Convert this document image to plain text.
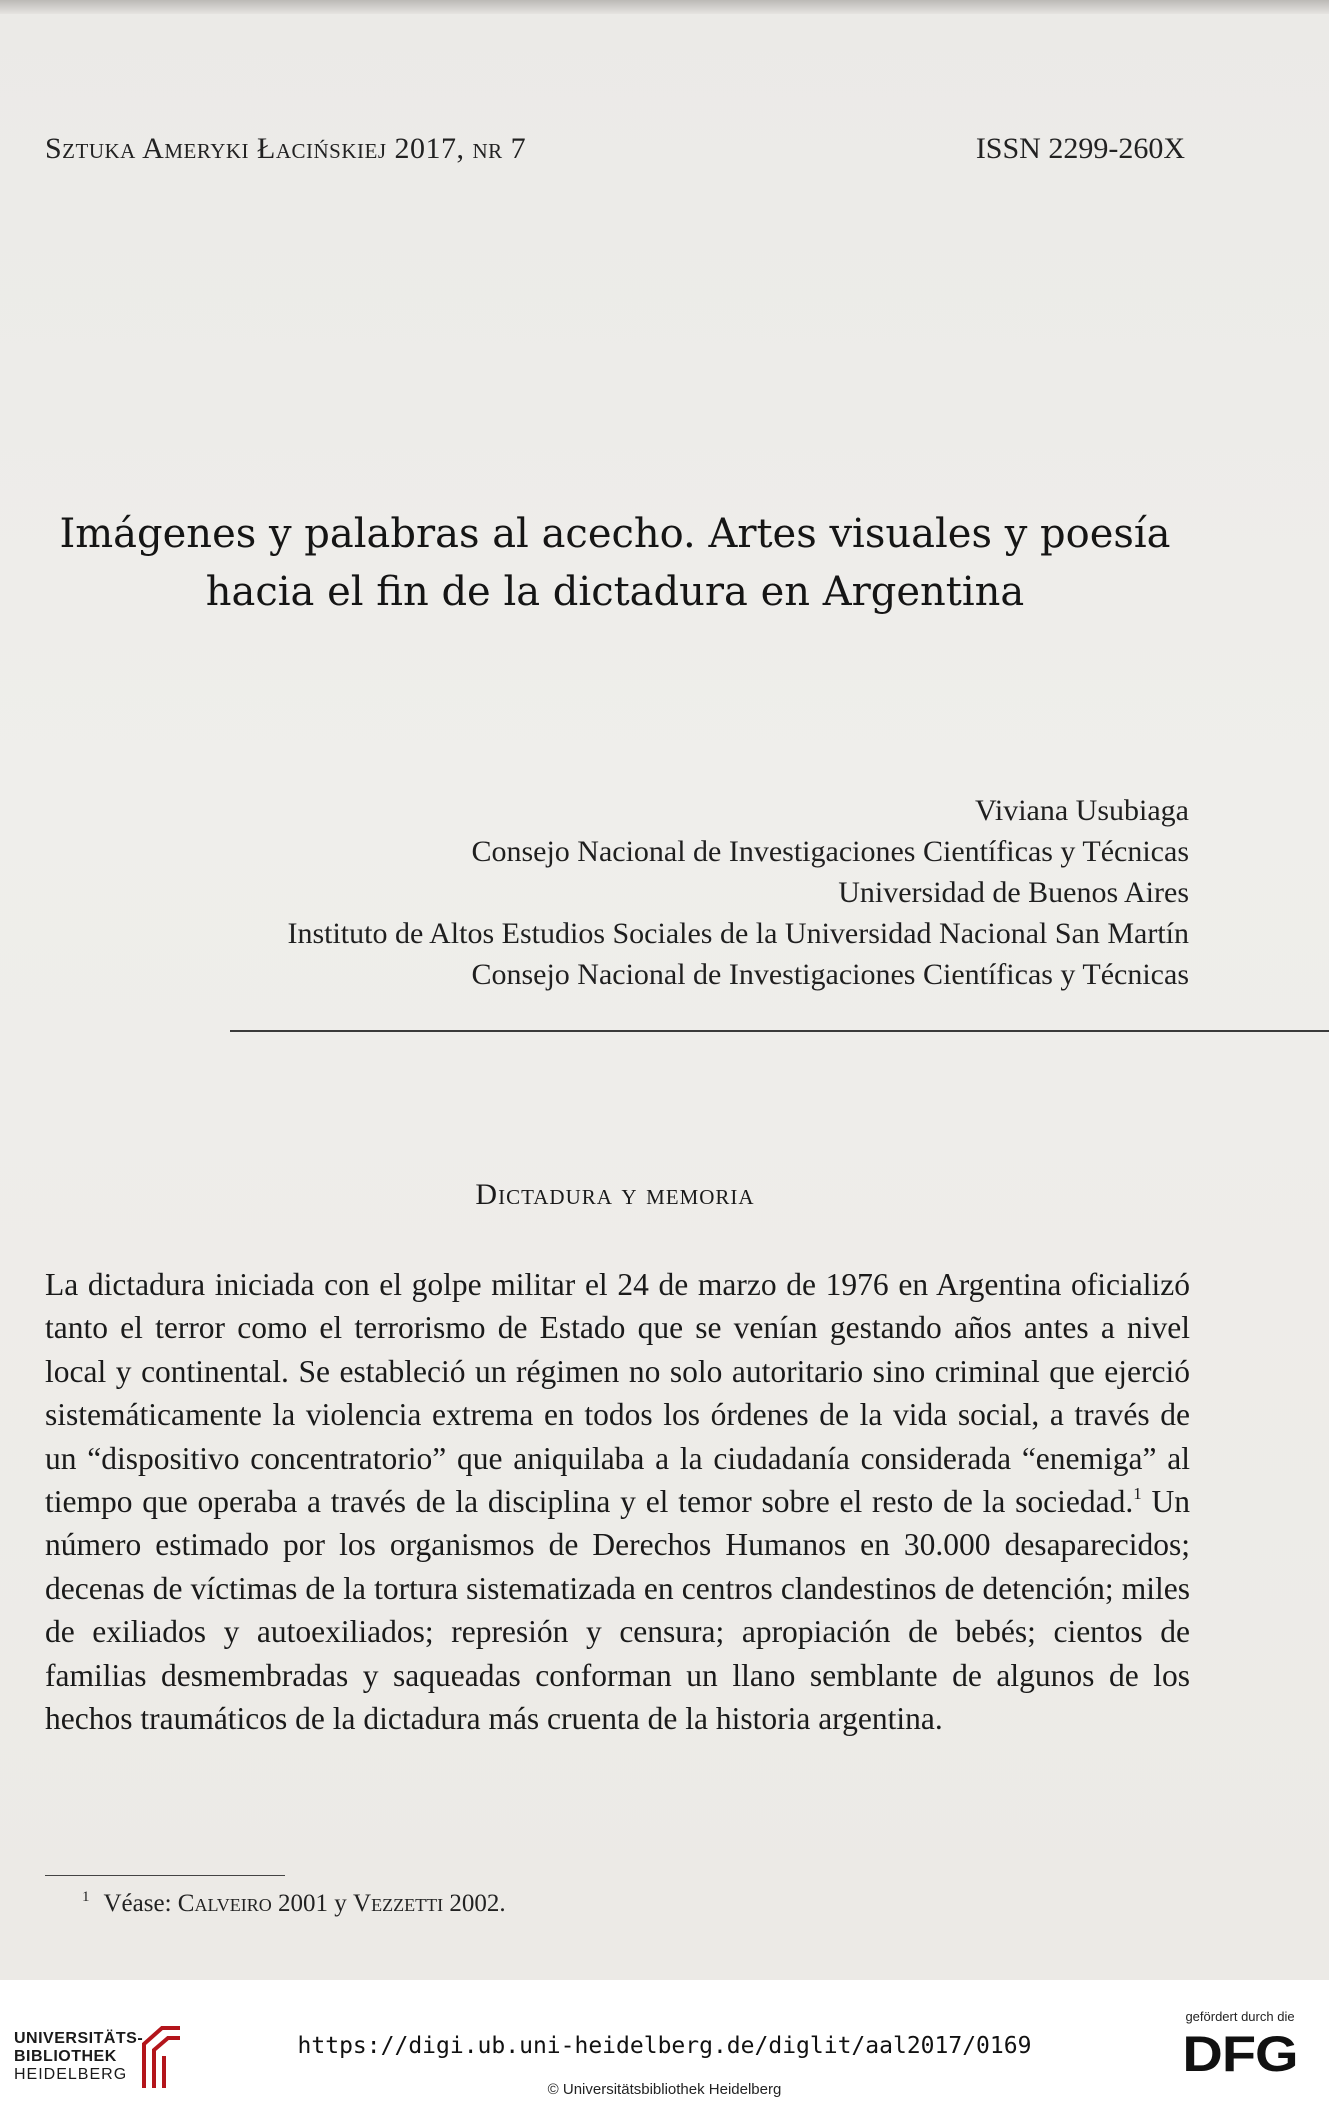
Sztuka Ameryki Łacińskiej 2017, nr 7	ISSN 2299-260X
Imágenes y palabras al acecho. Artes visuales y poesía
hacia el fin de la dictadura en Argentina
Viviana Usubiaga
Consejo Nacional de Investigaciones Científicas y Técnicas
Universidad de Buenos Aires
Instituto de Altos Estudios Sociales de la Universidad Nacional San Martín
Consejo Nacional de Investigaciones Científicas y Técnicas
Dictadura y memoria
La dictadura iniciada con el golpe militar el 24 de marzo de 1976 en Argentina oficializó tanto el terror como el terrorismo de Estado que se venían gestando años antes a nivel local y continental. Se estableció un régimen no solo autoritario sino criminal que ejerció sistemáticamente la violencia extrema en todos los órdenes de la vida social, a través de un “dispositivo concentratorio” que aniquilaba a la ciudadanía considerada “enemiga” al tiempo que operaba a través de la disciplina y el temor sobre el resto de la sociedad.$^1$ Un número estimado por los organismos de Derechos Humanos en 30.000 desaparecidos; decenas de víctimas de la tortura sistematizada en centros clandestinos de detención; miles de exiliados y autoexiliados; represión y censura; apropiación de bebés; cientos de familias desmembradas y saqueadas conforman un llano semblante de algunos de los hechos traumáticos de la dictadura más cruenta de la historia argentina.
$^1$ Véase: Calveiro 2001 y Vezzetti 2002.
UNIVERSITÄTS-
BIBLIOTHEK
HEIDELBERG
https://digi.ub.uni-heidelberg.de/diglit/aal2017/0169
© Universitätsbibliothek Heidelberg
gefördert durch die
DFG
